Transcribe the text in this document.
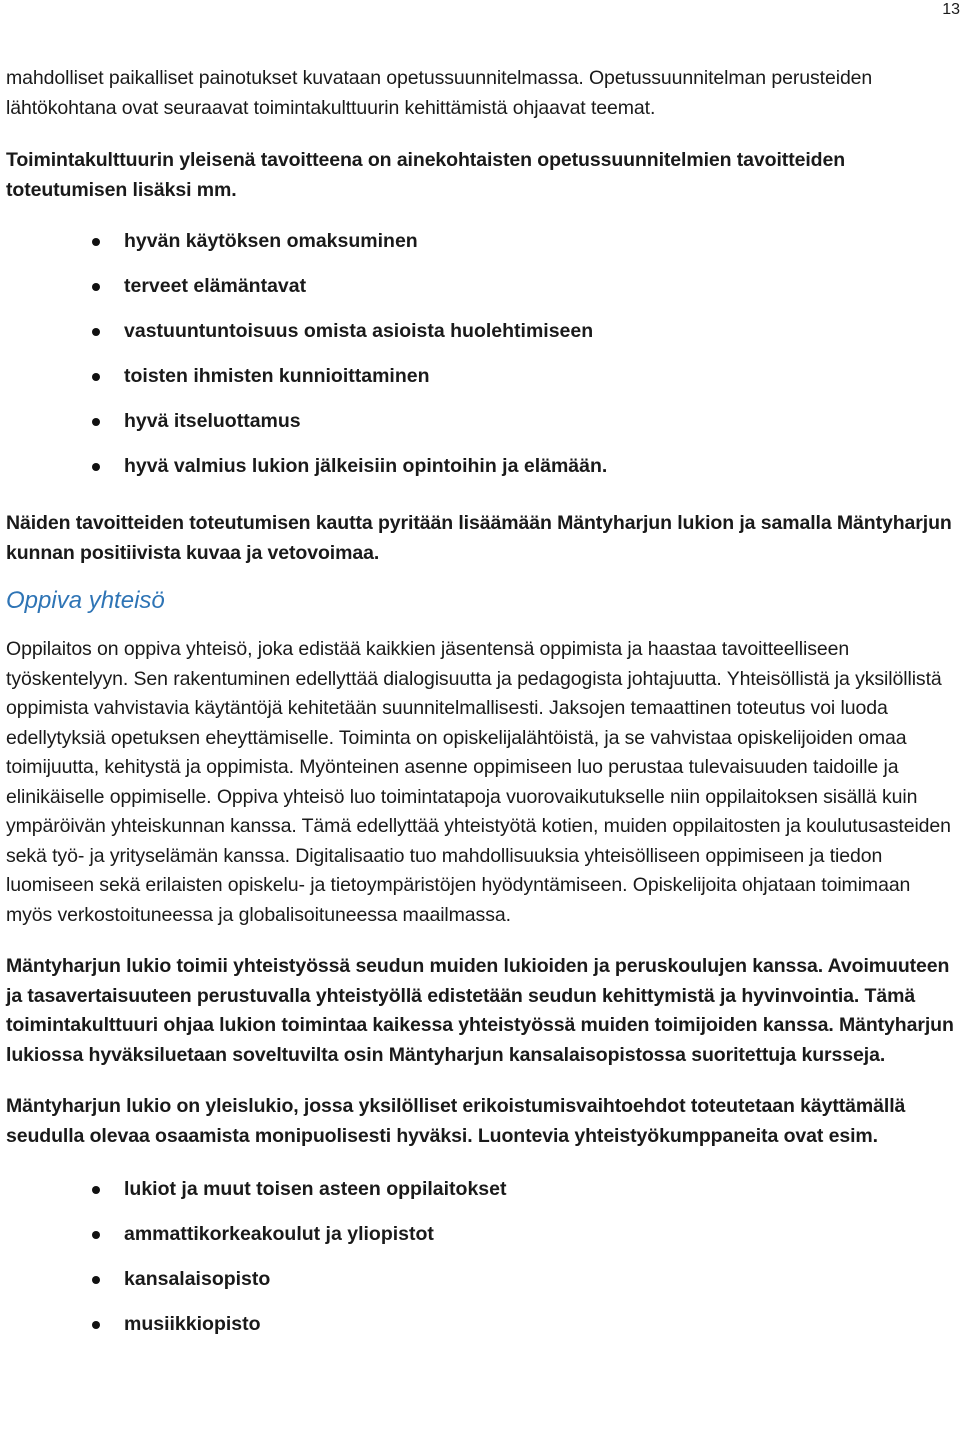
13

mahdolliset paikalliset painotukset kuvataan opetussuunnitelmassa. Opetussuunnitelman perusteiden lähtökohtana ovat seuraavat toimintakulttuurin kehittämistä ohjaavat teemat.

Toimintakulttuurin yleisenä tavoitteena on ainekohtaisten opetussuunnitelmien tavoitteiden toteutumisen lisäksi mm.

hyvän käytöksen omaksuminen
terveet elämäntavat
vastuuntuntoisuus omista asioista huolehtimiseen
toisten ihmisten kunnioittaminen
hyvä itseluottamus
hyvä valmius lukion jälkeisiin opintoihin ja elämään.

Näiden tavoitteiden toteutumisen kautta pyritään lisäämään Mäntyharjun lukion ja samalla Mäntyharjun kunnan positiivista kuvaa ja vetovoimaa.

Oppiva yhteisö

Oppilaitos on oppiva yhteisö, joka edistää kaikkien jäsentensä oppimista ja haastaa tavoitteelliseen työskentelyyn. Sen rakentuminen edellyttää dialogisuutta ja pedagogista johtajuutta. Yhteisöllistä ja yksilöllistä oppimista vahvistavia käytäntöjä kehitetään suunnitelmallisesti. Jaksojen temaattinen toteutus voi luoda edellytyksiä opetuksen eheyttämiselle. Toiminta on opiskelijalähtöistä, ja se vahvistaa opiskelijoiden omaa toimijuutta, kehitystä ja oppimista. Myönteinen asenne oppimiseen luo perustaa tulevaisuuden taidoille ja elinikäiselle oppimiselle. Oppiva yhteisö luo toimintatapoja vuorovaikutukselle niin oppilaitoksen sisällä kuin ympäröivän yhteiskunnan kanssa. Tämä edellyttää yhteistyötä kotien, muiden oppilaitosten ja koulutusasteiden sekä työ- ja yrityselämän kanssa. Digitalisaatio tuo mahdollisuuksia yhteisölliseen oppimiseen ja tiedon luomiseen sekä erilaisten opiskelu- ja tietoympäristöjen hyödyntämiseen. Opiskelijoita ohjataan toimimaan myös verkostoituneessa ja globalisoituneessa maailmassa.

Mäntyharjun lukio toimii yhteistyössä seudun muiden lukioiden ja peruskoulujen kanssa. Avoimuuteen ja tasavertaisuuteen perustuvalla yhteistyöllä edistetään seudun kehittymistä ja hyvinvointia. Tämä toimintakulttuuri ohjaa lukion toimintaa kaikessa yhteistyössä muiden toimijoiden kanssa. Mäntyharjun lukiossa hyväksiluetaan soveltuvilta osin Mäntyharjun kansalaisopistossa suoritettuja kursseja.

Mäntyharjun lukio on yleislukio, jossa yksilölliset erikoistumisvaihtoehdot toteutetaan käyttämällä seudulla olevaa osaamista monipuolisesti hyväksi. Luontevia yhteistyökumppaneita ovat esim.

lukiot ja muut toisen asteen oppilaitokset
ammattikorkeakoulut ja yliopistot
kansalaisopisto
musiikkiopisto
